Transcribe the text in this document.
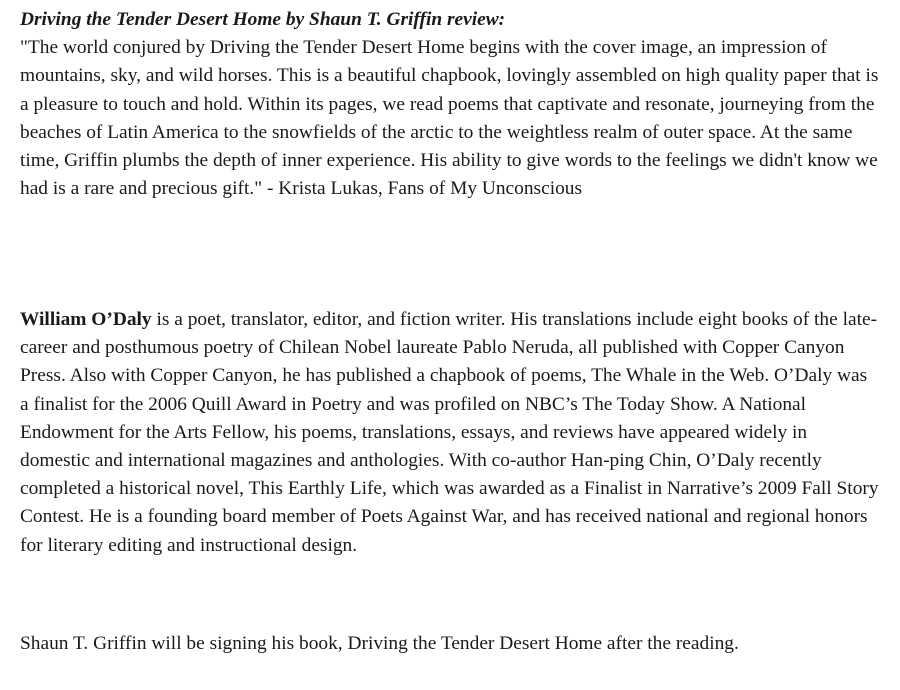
Driving the Tender Desert Home by Shaun T. Griffin review:

"The world conjured by Driving the Tender Desert Home begins with the cover image, an impression of mountains, sky, and wild horses. This is a beautiful chapbook, lovingly assembled on high quality paper that is a pleasure to touch and hold. Within its pages, we read poems that captivate and resonate, journeying from the beaches of Latin America to the snowfields of the arctic to the weightless realm of outer space. At the same time, Griffin plumbs the depth of inner experience. His ability to give words to the feelings we didn't know we had is a rare and precious gift." - Krista Lukas, Fans of My Unconscious

William O’Daly is a poet, translator, editor, and fiction writer. His translations include eight books of the late-career and posthumous poetry of Chilean Nobel laureate Pablo Neruda, all published with Copper Canyon Press. Also with Copper Canyon, he has published a chapbook of poems, The Whale in the Web. O’Daly was a finalist for the 2006 Quill Award in Poetry and was profiled on NBC’s The Today Show. A National Endowment for the Arts Fellow, his poems, translations, essays, and reviews have appeared widely in domestic and international magazines and anthologies. With co-author Han-ping Chin, O’Daly recently completed a historical novel, This Earthly Life, which was awarded as a Finalist in Narrative’s 2009 Fall Story Contest. He is a founding board member of Poets Against War, and has received national and regional honors for literary editing and instructional design.

Shaun T. Griffin will be signing his book, Driving the Tender Desert Home after the reading.
